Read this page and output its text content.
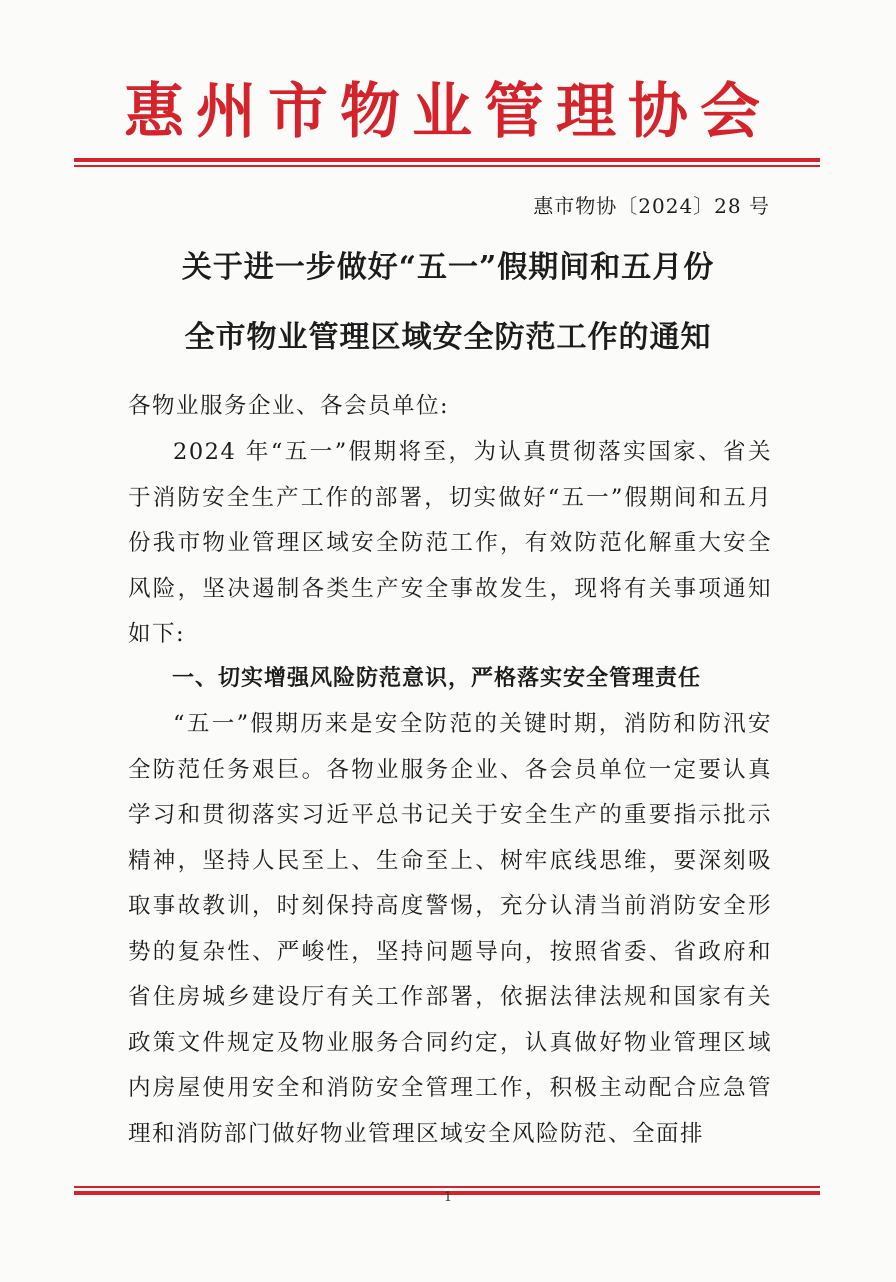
惠州市物业管理协会
惠市物协〔2024〕28 号
关于进一步做好“五一”假期间和五月份
全市物业管理区域安全防范工作的通知
各物业服务企业、各会员单位:
2024 年“五一”假期将至，为认真贯彻落实国家、省关于消防安全生产工作的部署，切实做好“五一”假期间和五月份我市物业管理区域安全防范工作，有效防范化解重大安全风险，坚决遏制各类生产安全事故发生，现将有关事项通知如下:
一、切实增强风险防范意识，严格落实安全管理责任
“五一”假期历来是安全防范的关键时期，消防和防汛安全防范任务艰巨。各物业服务企业、各会员单位一定要认真学习和贯彻落实习近平总书记关于安全生产的重要指示批示精神，坚持人民至上、生命至上、树牢底线思维，要深刻吸取事故教训，时刻保持高度警惕，充分认清当前消防安全形势的复杂性、严峻性，坚持问题导向，按照省委、省政府和省住房城乡建设厅有关工作部署，依据法律法规和国家有关政策文件规定及物业服务合同约定，认真做好物业管理区域内房屋使用安全和消防安全管理工作，积极主动配合应急管理和消防部门做好物业管理区域安全风险防范、全面排
1
